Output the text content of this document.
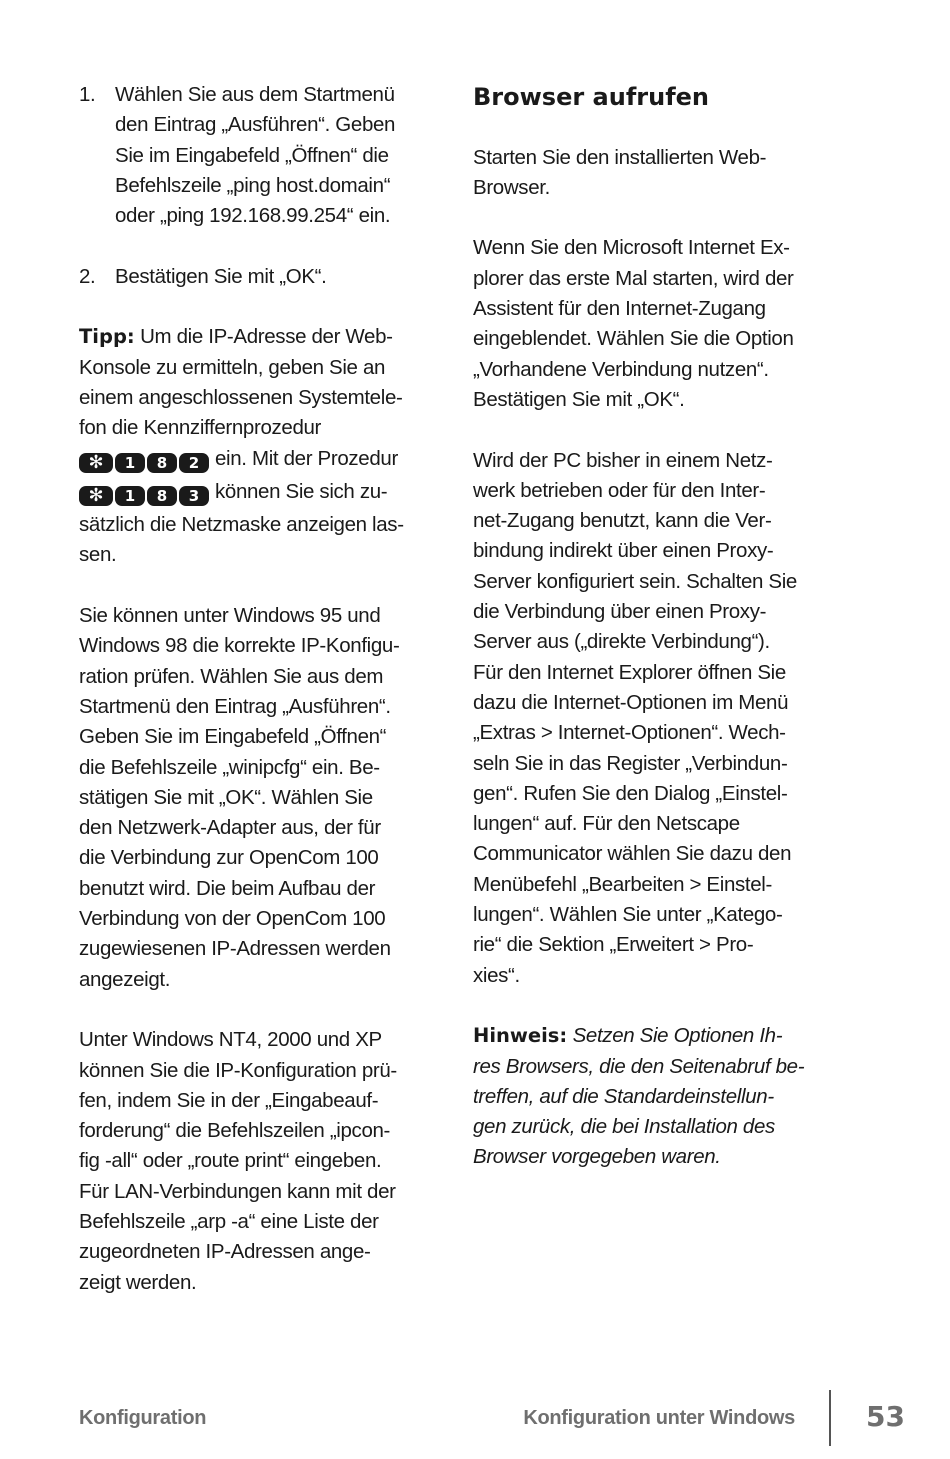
1. Wählen Sie aus dem Startmenü
den Eintrag „Ausführen“. Geben
Sie im Eingabefeld „Öffnen“ die
Befehlszeile „ping host.domain“
oder „ping 192.168.99.254“ ein.
2. Bestätigen Sie mit „OK“.
Tipp: Um die IP-Adresse der Web-
Konsole zu ermitteln, geben Sie an
einem angeschlossenen Systemtele-
fon die Kennziffernprozedur
✻ 1 8 2 ein. Mit der Prozedur
✻ 1 8 3 können Sie sich zu-
sätzlich die Netzmaske anzeigen las-
sen.
Sie können unter Windows 95 und
Windows 98 die korrekte IP-Konfigu-
ration prüfen. Wählen Sie aus dem
Startmenü den Eintrag „Ausführen“.
Geben Sie im Eingabefeld „Öffnen“
die Befehlszeile „winipcfg“ ein. Be-
stätigen Sie mit „OK“. Wählen Sie
den Netzwerk-Adapter aus, der für
die Verbindung zur OpenCom 100
benutzt wird. Die beim Aufbau der
Verbindung von der OpenCom 100
zugewiesenen IP-Adressen werden
angezeigt.
Unter Windows NT4, 2000 und XP
können Sie die IP-Konfiguration prü-
fen, indem Sie in der „Eingabeauf-
forderung“ die Befehlszeilen „ipcon-
fig -all“ oder „route print“ eingeben.
Für LAN-Verbindungen kann mit der
Befehlszeile „arp -a“ eine Liste der
zugeordneten IP-Adressen ange-
zeigt werden.
Browser aufrufen
Starten Sie den installierten Web-
Browser.
Wenn Sie den Microsoft Internet Ex-
plorer das erste Mal starten, wird der
Assistent für den Internet-Zugang
eingeblendet. Wählen Sie die Option
„Vorhandene Verbindung nutzen“.
Bestätigen Sie mit „OK“.
Wird der PC bisher in einem Netz-
werk betrieben oder für den Inter-
net-Zugang benutzt, kann die Ver-
bindung indirekt über einen Proxy-
Server konfiguriert sein. Schalten Sie
die Verbindung über einen Proxy-
Server aus („direkte Verbindung“).
Für den Internet Explorer öffnen Sie
dazu die Internet-Optionen im Menü
„Extras > Internet-Optionen“. Wech-
seln Sie in das Register „Verbindun-
gen“. Rufen Sie den Dialog „Einstel-
lungen“ auf. Für den Netscape
Communicator wählen Sie dazu den
Menübefehl „Bearbeiten > Einstel-
lungen“. Wählen Sie unter „Katego-
rie“ die Sektion „Erweitert > Pro-
xies“.
Hinweis: Setzen Sie Optionen Ih-
res Browsers, die den Seitenabruf be-
treffen, auf die Standardeinstellun-
gen zurück, die bei Installation des
Browser vorgegeben waren.
Konfiguration	Konfiguration unter Windows	53
